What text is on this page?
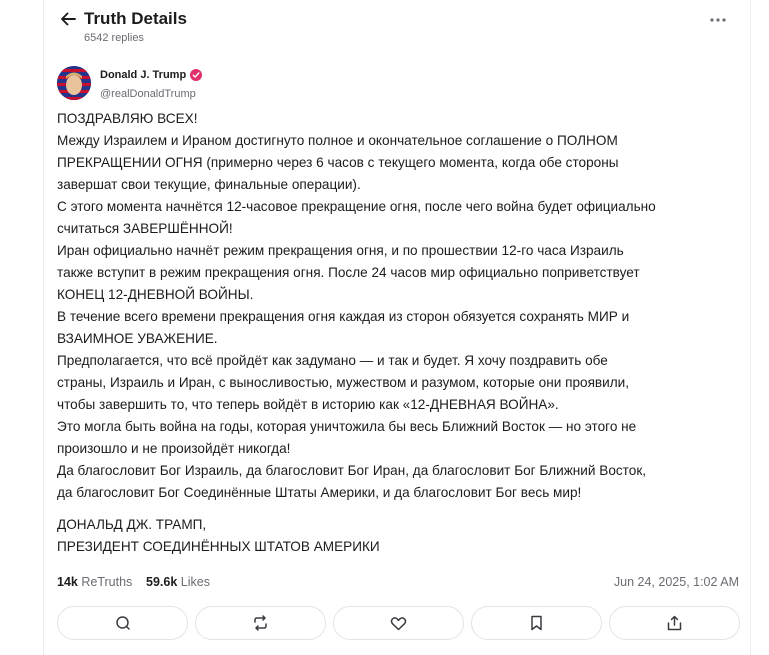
Truth Details
6542 replies
Donald J. Trump
@realDonaldTrump

ПОЗДРАВЛЯЮ ВСЕХ!

Между Израилем и Ираном достигнуто полное и окончательное соглашение о ПОЛНОМ
ПРЕКРАЩЕНИИ ОГНЯ (примерно через 6 часов с текущего момента, когда обе стороны
завершат свои текущие, финальные операции).

С этого момента начнётся 12-часовое прекращение огня, после чего война будет официально
считаться ЗАВЕРШЁННОЙ!

Иран официально начнёт режим прекращения огня, и по прошествии 12-го часа Израиль
также вступит в режим прекращения огня. После 24 часов мир официально поприветствует
КОНЕЦ 12-ДНЕВНОЙ ВОЙНЫ.

В течение всего времени прекращения огня каждая из сторон обязуется сохранять МИР и
ВЗАИМНОЕ УВАЖЕНИЕ.

Предполагается, что всё пройдёт как задумано — и так и будет. Я хочу поздравить обе
страны, Израиль и Иран, с выносливостью, мужеством и разумом, которые они проявили,
чтобы завершить то, что теперь войдёт в историю как «12-ДНЕВНАЯ ВОЙНА».

Это могла быть война на годы, которая уничтожила бы весь Ближний Восток — но этого не
произошло и не произойдёт никогда!

Да благословит Бог Израиль, да благословит Бог Иран, да благословит Бог Ближний Восток,
да благословит Бог Соединённые Штаты Америки, и да благословит Бог весь мир!

ДОНАЛЬД ДЖ. ТРАМП,
ПРЕЗИДЕНТ СОЕДИНЁННЫХ ШТАТОВ АМЕРИКИ

14k ReTruths 59.6k Likes	Jun 24, 2025, 1:02 AM
